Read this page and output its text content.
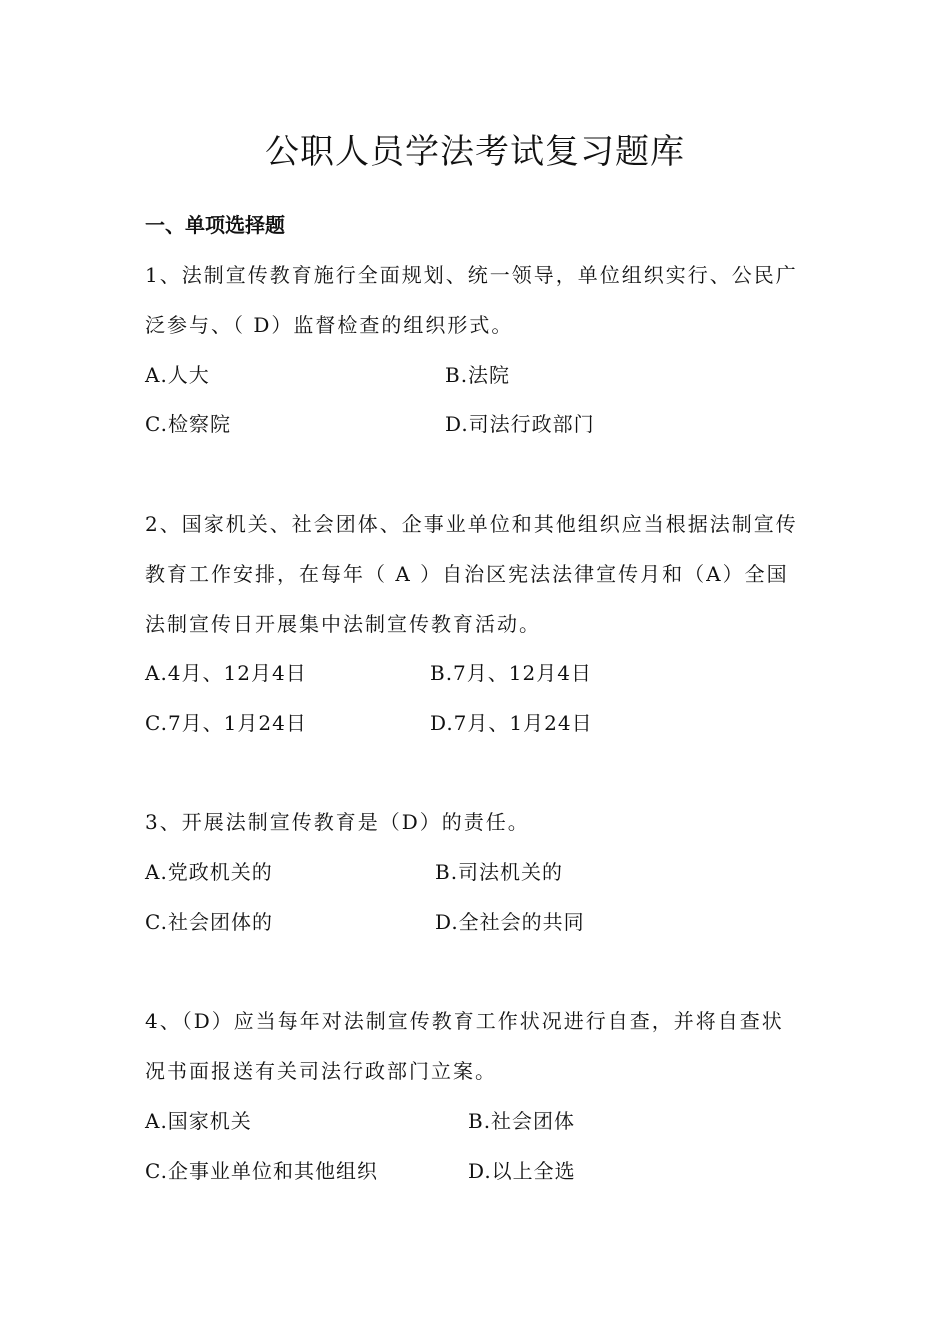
公职人员学法考试复习题库
一、单项选择题
1、法制宣传教育施行全面规划、统一领导，单位组织实行、公民广
泛参与、（ D）监督检查的组织形式。
A.人大	B.法院
C.检察院	D.司法行政部门
2、国家机关、社会团体、企事业单位和其他组织应当根据法制宣传
教育工作安排，在每年（ A ）自治区宪法法律宣传月和（A）全国
法制宣传日开展集中法制宣传教育活动。
A.4月、12月4日	B.7月、12月4日
C.7月、1月24日	D.7月、1月24日
3、开展法制宣传教育是（D）的责任。
A.党政机关的	B.司法机关的
C.社会团体的	D.全社会的共同
4、（D）应当每年对法制宣传教育工作状况进行自查，并将自查状
况书面报送有关司法行政部门立案。
A.国家机关	B.社会团体
C.企事业单位和其他组织	D.以上全选
